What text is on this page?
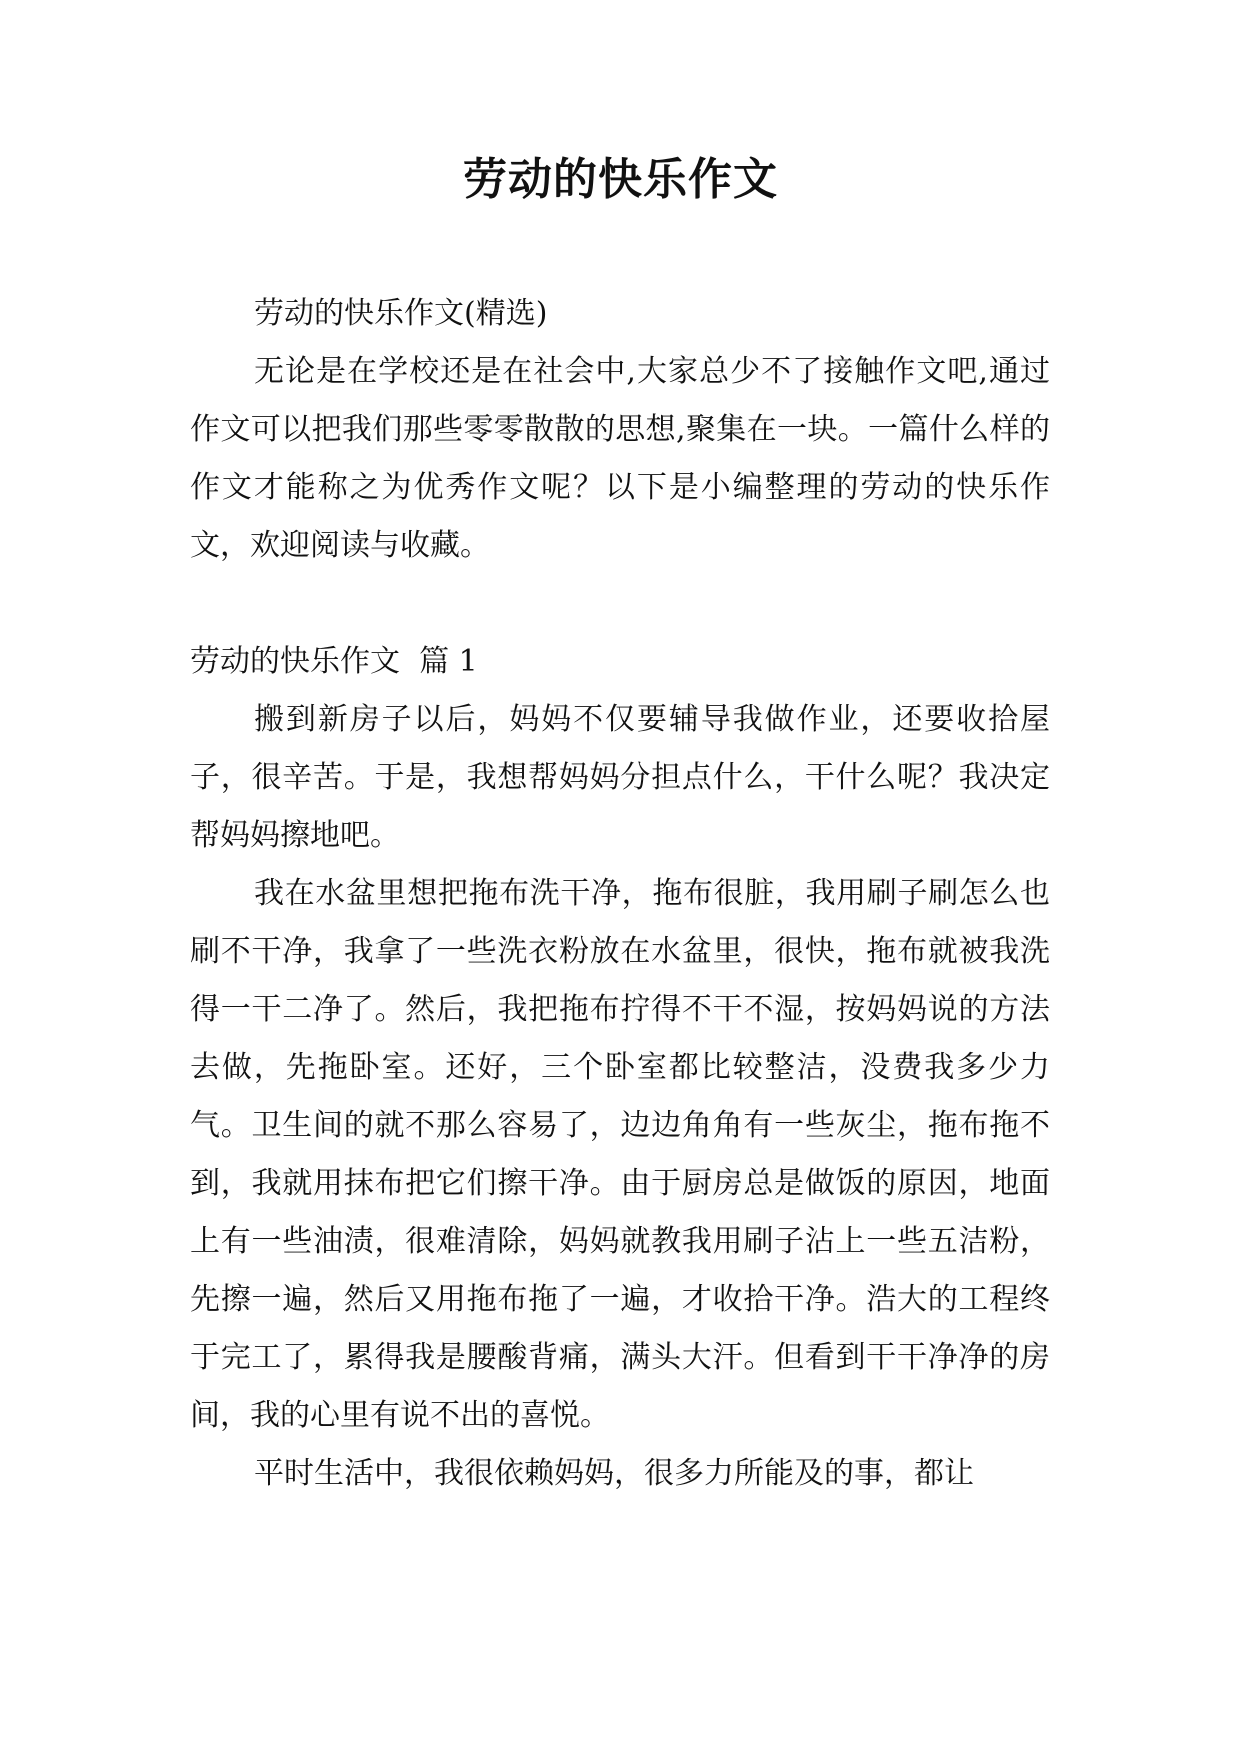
劳动的快乐作文

劳动的快乐作文(精选)

无论是在学校还是在社会中,大家总少不了接触作文吧,通过作文可以把我们那些零零散散的思想,聚集在一块。一篇什么样的作文才能称之为优秀作文呢？以下是小编整理的劳动的快乐作文，欢迎阅读与收藏。

劳动的快乐作文  篇 1

搬到新房子以后，妈妈不仅要辅导我做作业，还要收拾屋子，很辛苦。于是，我想帮妈妈分担点什么，干什么呢？我决定帮妈妈擦地吧。

我在水盆里想把拖布洗干净，拖布很脏，我用刷子刷怎么也刷不干净，我拿了一些洗衣粉放在水盆里，很快，拖布就被我洗得一干二净了。然后，我把拖布拧得不干不湿，按妈妈说的方法去做，先拖卧室。还好，三个卧室都比较整洁，没费我多少力气。卫生间的就不那么容易了，边边角角有一些灰尘，拖布拖不到，我就用抹布把它们擦干净。由于厨房总是做饭的原因，地面上有一些油渍，很难清除，妈妈就教我用刷子沾上一些五洁粉，先擦一遍，然后又用拖布拖了一遍，才收拾干净。浩大的工程终于完工了，累得我是腰酸背痛，满头大汗。但看到干干净净的房间，我的心里有说不出的喜悦。

平时生活中，我很依赖妈妈，很多力所能及的事，都让
